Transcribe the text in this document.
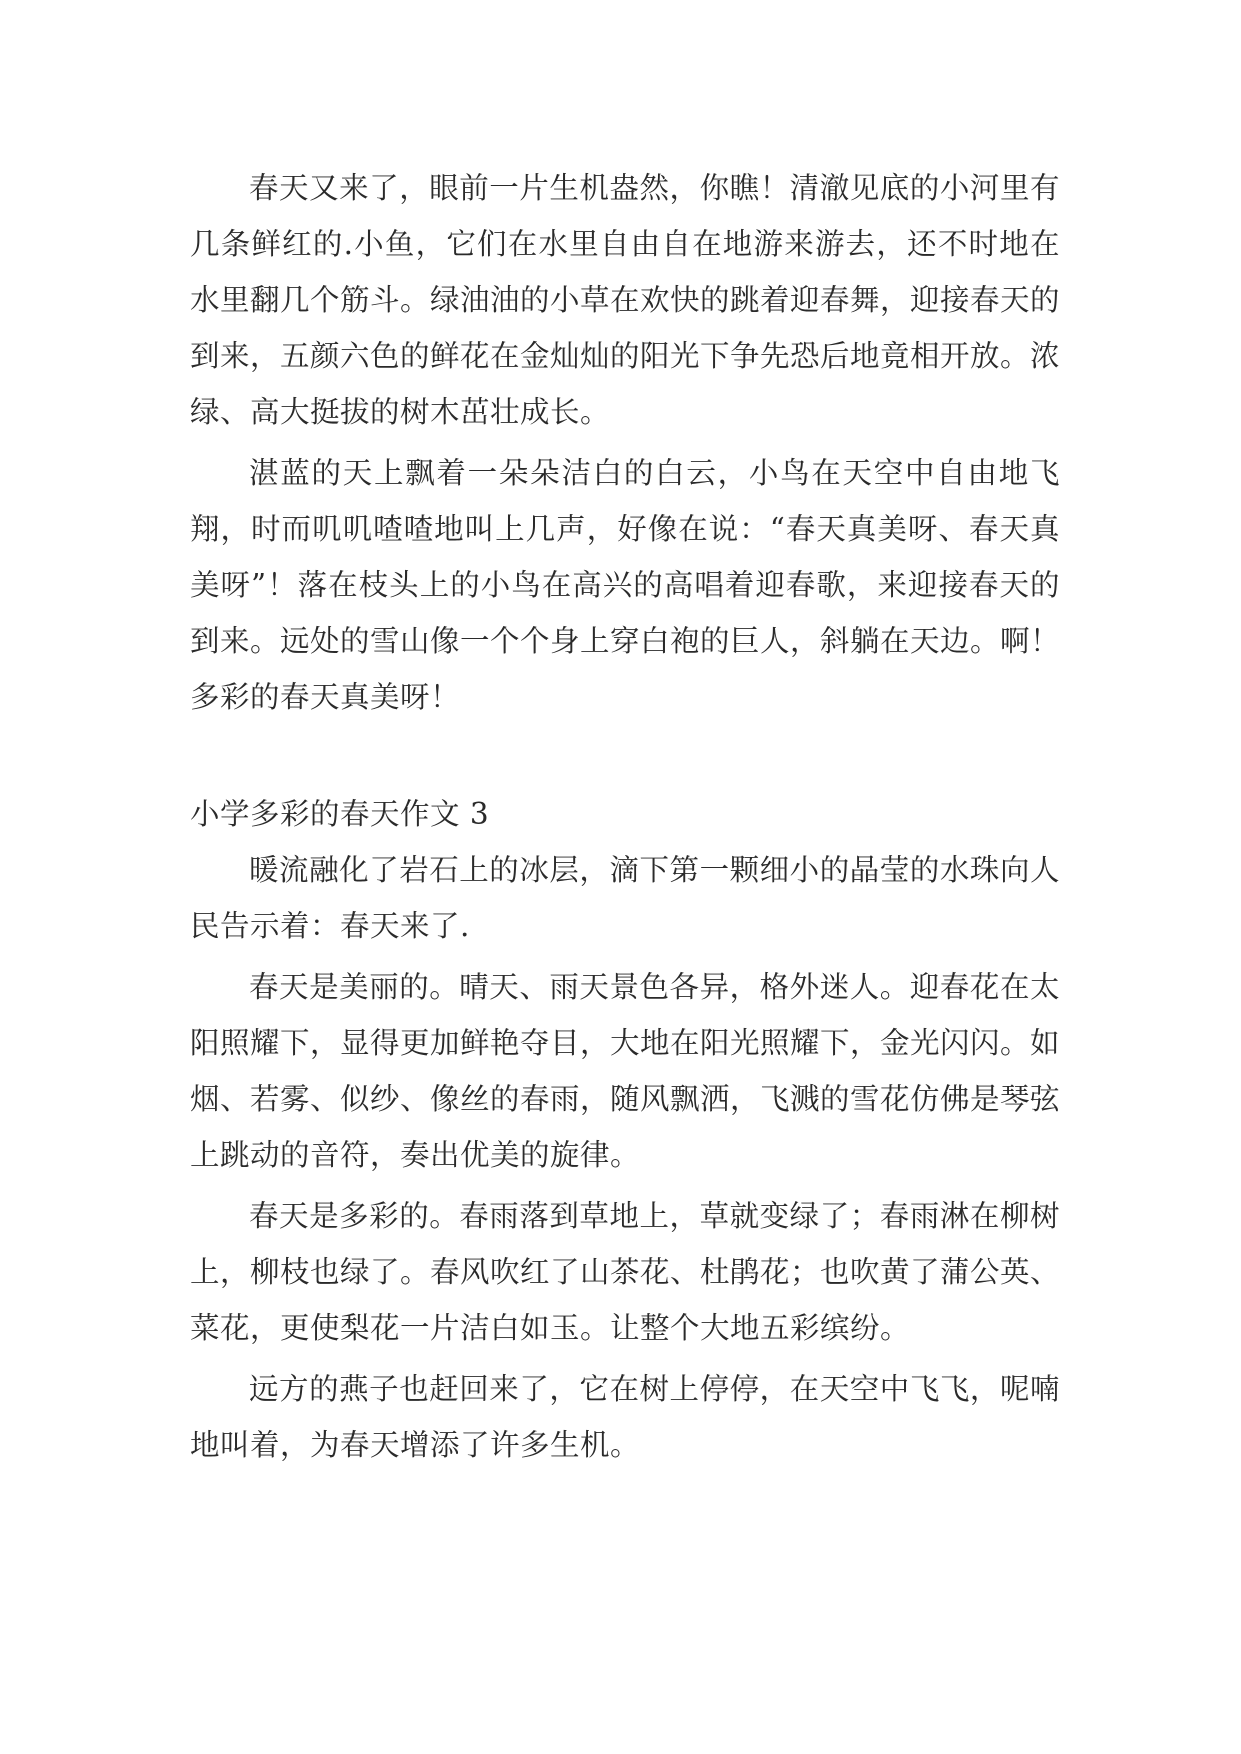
春天又来了，眼前一片生机盎然，你瞧！清澈见底的小河里有几条鲜红的.小鱼，它们在水里自由自在地游来游去，还不时地在水里翻几个筋斗。绿油油的小草在欢快的跳着迎春舞，迎接春天的到来，五颜六色的鲜花在金灿灿的阳光下争先恐后地竟相开放。浓绿、高大挺拔的树木茁壮成长。

湛蓝的天上飘着一朵朵洁白的白云，小鸟在天空中自由地飞翔，时而叽叽喳喳地叫上几声，好像在说：“春天真美呀、春天真美呀”！落在枝头上的小鸟在高兴的高唱着迎春歌，来迎接春天的到来。远处的雪山像一个个身上穿白袍的巨人，斜躺在天边。啊！多彩的春天真美呀！

小学多彩的春天作文 3

暖流融化了岩石上的冰层，滴下第一颗细小的晶莹的水珠向人民告示着：春天来了.

春天是美丽的。晴天、雨天景色各异，格外迷人。迎春花在太阳照耀下，显得更加鲜艳夺目，大地在阳光照耀下，金光闪闪。如烟、若雾、似纱、像丝的春雨，随风飘洒，飞溅的雪花仿佛是琴弦上跳动的音符，奏出优美的旋律。

春天是多彩的。春雨落到草地上，草就变绿了；春雨淋在柳树上，柳枝也绿了。春风吹红了山茶花、杜鹃花；也吹黄了蒲公英、菜花，更使梨花一片洁白如玉。让整个大地五彩缤纷。

远方的燕子也赶回来了，它在树上停停，在天空中飞飞，呢喃地叫着，为春天增添了许多生机。
